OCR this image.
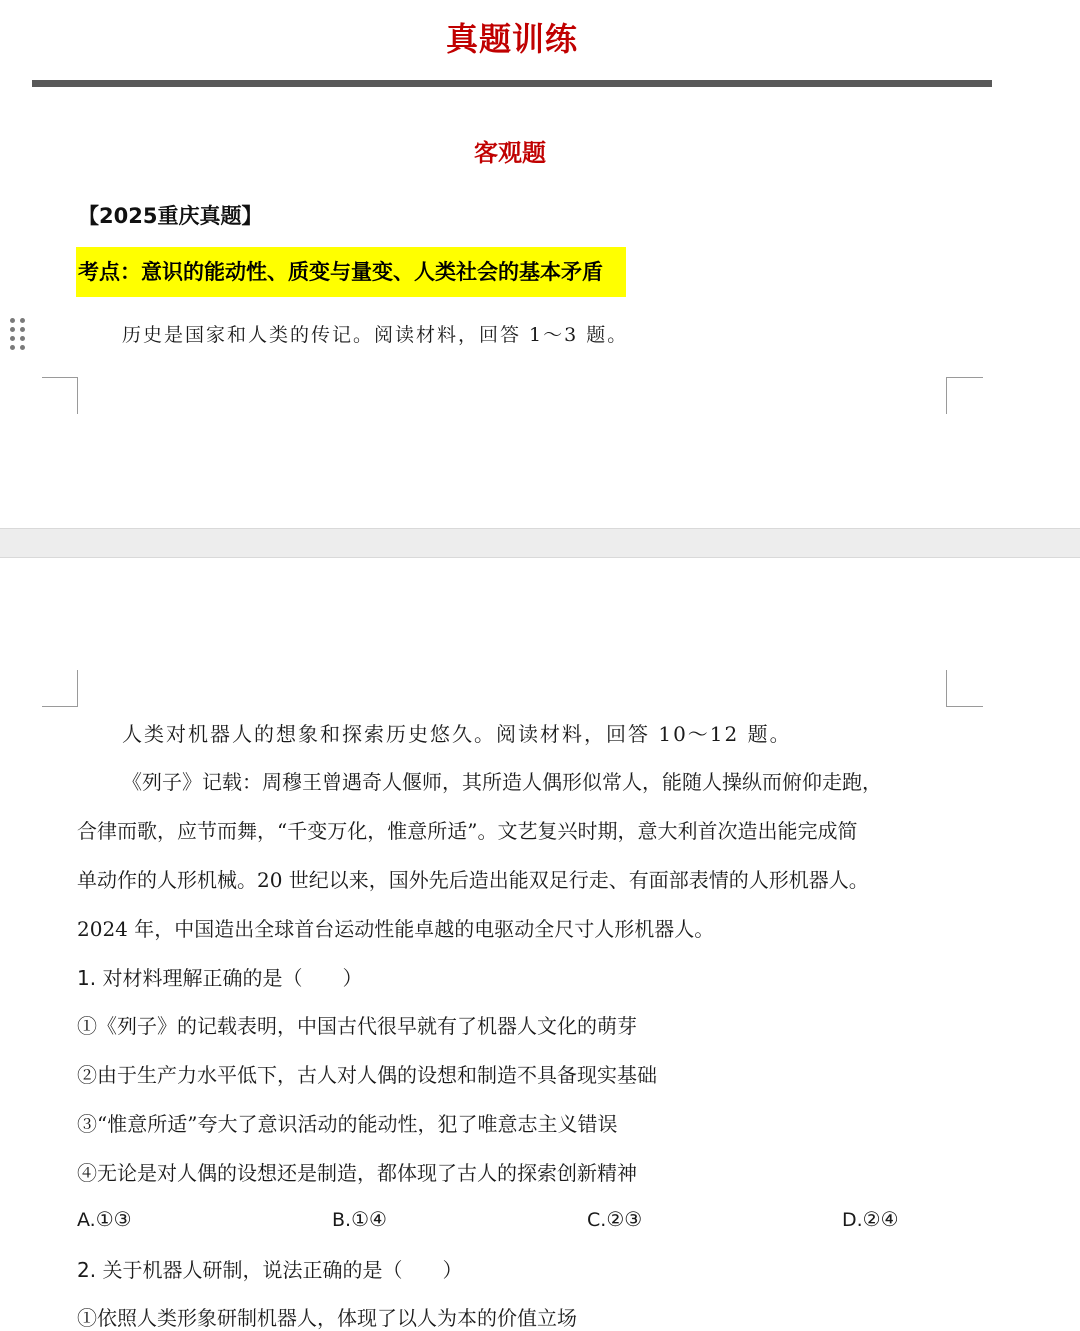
真题训练
客观题
【2025重庆真题】
考点：意识的能动性、质变与量变、人类社会的基本矛盾
历史是国家和人类的传记。阅读材料，回答 1～3 题。
人类对机器人的想象和探索历史悠久。阅读材料，回答 10～12 题。
《列子》记载：周穆王曾遇奇人偃师，其所造人偶形似常人，能随人操纵而俯仰走跑，
合律而歌，应节而舞，“千变万化，惟意所适”。文艺复兴时期，意大利首次造出能完成简
单动作的人形机械。20 世纪以来，国外先后造出能双足行走、有面部表情的人形机器人。
2024 年，中国造出全球首台运动性能卓越的电驱动全尺寸人形机器人。
1. 对材料理解正确的是（　　）
①《列子》的记载表明，中国古代很早就有了机器人文化的萌芽
②由于生产力水平低下，古人对人偶的设想和制造不具备现实基础
③“惟意所适”夸大了意识活动的能动性，犯了唯意志主义错误
④无论是对人偶的设想还是制造，都体现了古人的探索创新精神
A.①③	B.①④	C.②③	D.②④
2. 关于机器人研制，说法正确的是（　　）
①依照人类形象研制机器人，体现了以人为本的价值立场
